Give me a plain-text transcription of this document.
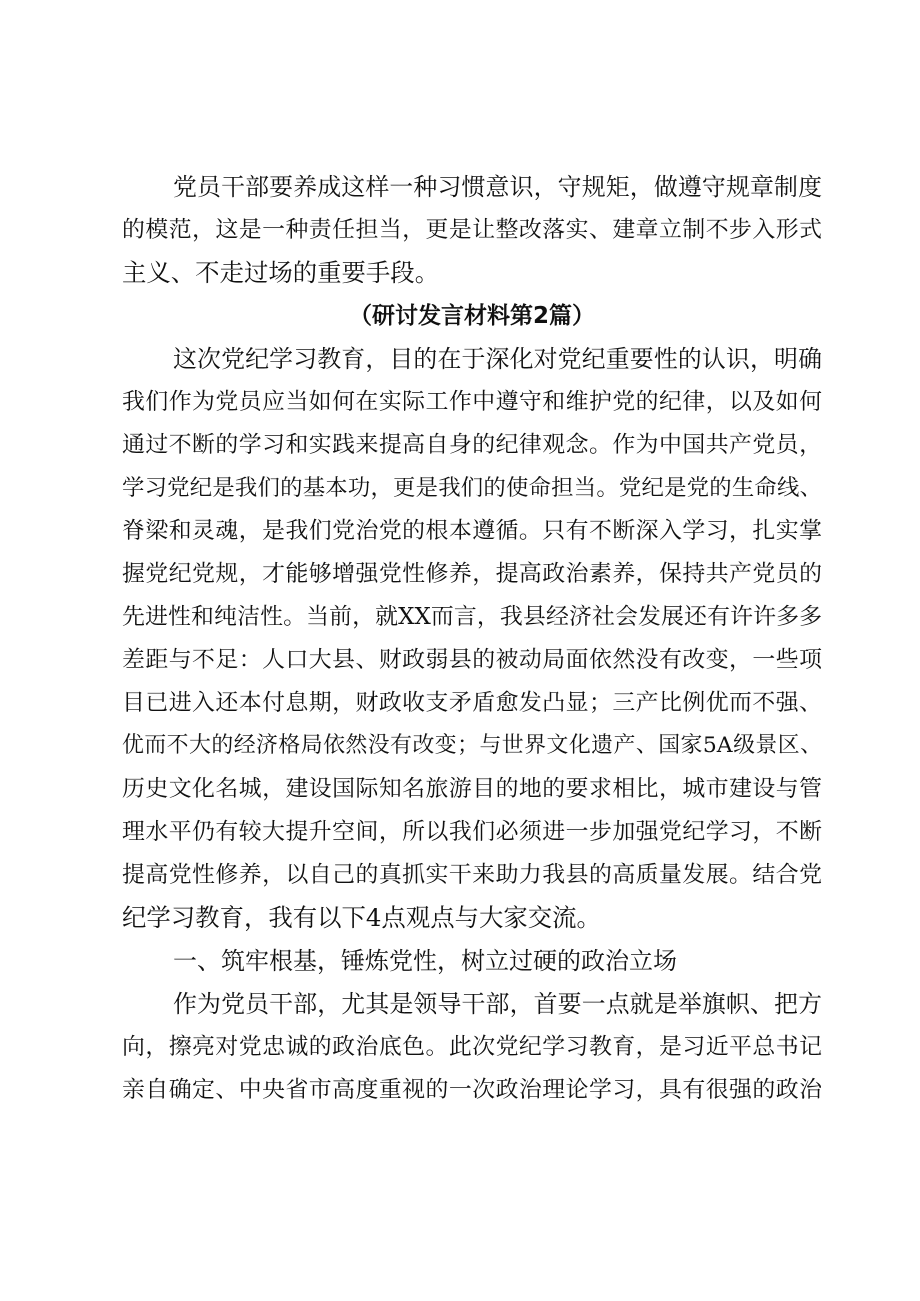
党员干部要养成这样一种习惯意识，守规矩，做遵守规章制度
的模范，这是一种责任担当，更是让整改落实、建章立制不步入形式
主义、不走过场的重要手段。
（研讨发言材料第2篇）
这次党纪学习教育，目的在于深化对党纪重要性的认识，明确
我们作为党员应当如何在实际工作中遵守和维护党的纪律，以及如何
通过不断的学习和实践来提高自身的纪律观念。作为中国共产党员，
学习党纪是我们的基本功，更是我们的使命担当。党纪是党的生命线、
脊梁和灵魂，是我们党治党的根本遵循。只有不断深入学习，扎实掌
握党纪党规，才能够增强党性修养，提高政治素养，保持共产党员的
先进性和纯洁性。当前，就XX而言，我县经济社会发展还有许许多多
差距与不足：人口大县、财政弱县的被动局面依然没有改变，一些项
目已进入还本付息期，财政收支矛盾愈发凸显；三产比例优而不强、
优而不大的经济格局依然没有改变；与世界文化遗产、国家5A级景区、
历史文化名城，建设国际知名旅游目的地的要求相比，城市建设与管
理水平仍有较大提升空间，所以我们必须进一步加强党纪学习，不断
提高党性修养，以自己的真抓实干来助力我县的高质量发展。结合党
纪学习教育，我有以下4点观点与大家交流。
一、筑牢根基，锤炼党性，树立过硬的政治立场
作为党员干部，尤其是领导干部，首要一点就是举旗帜、把方
向，擦亮对党忠诚的政治底色。此次党纪学习教育，是习近平总书记
亲自确定、中央省市高度重视的一次政治理论学习，具有很强的政治
